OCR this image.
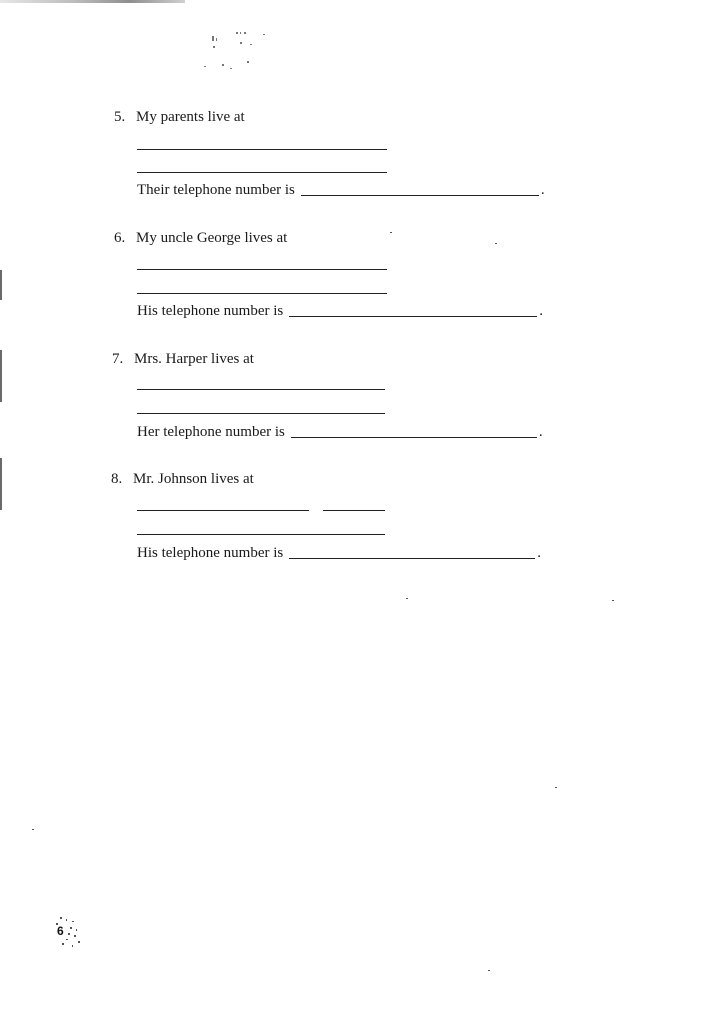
5. My parents live at
Their telephone number is	.
6. My uncle George lives at
His telephone number is	.
7. Mrs. Harper lives at
Her telephone number is	.
8. Mr. Johnson lives at
His telephone number is	.
6
